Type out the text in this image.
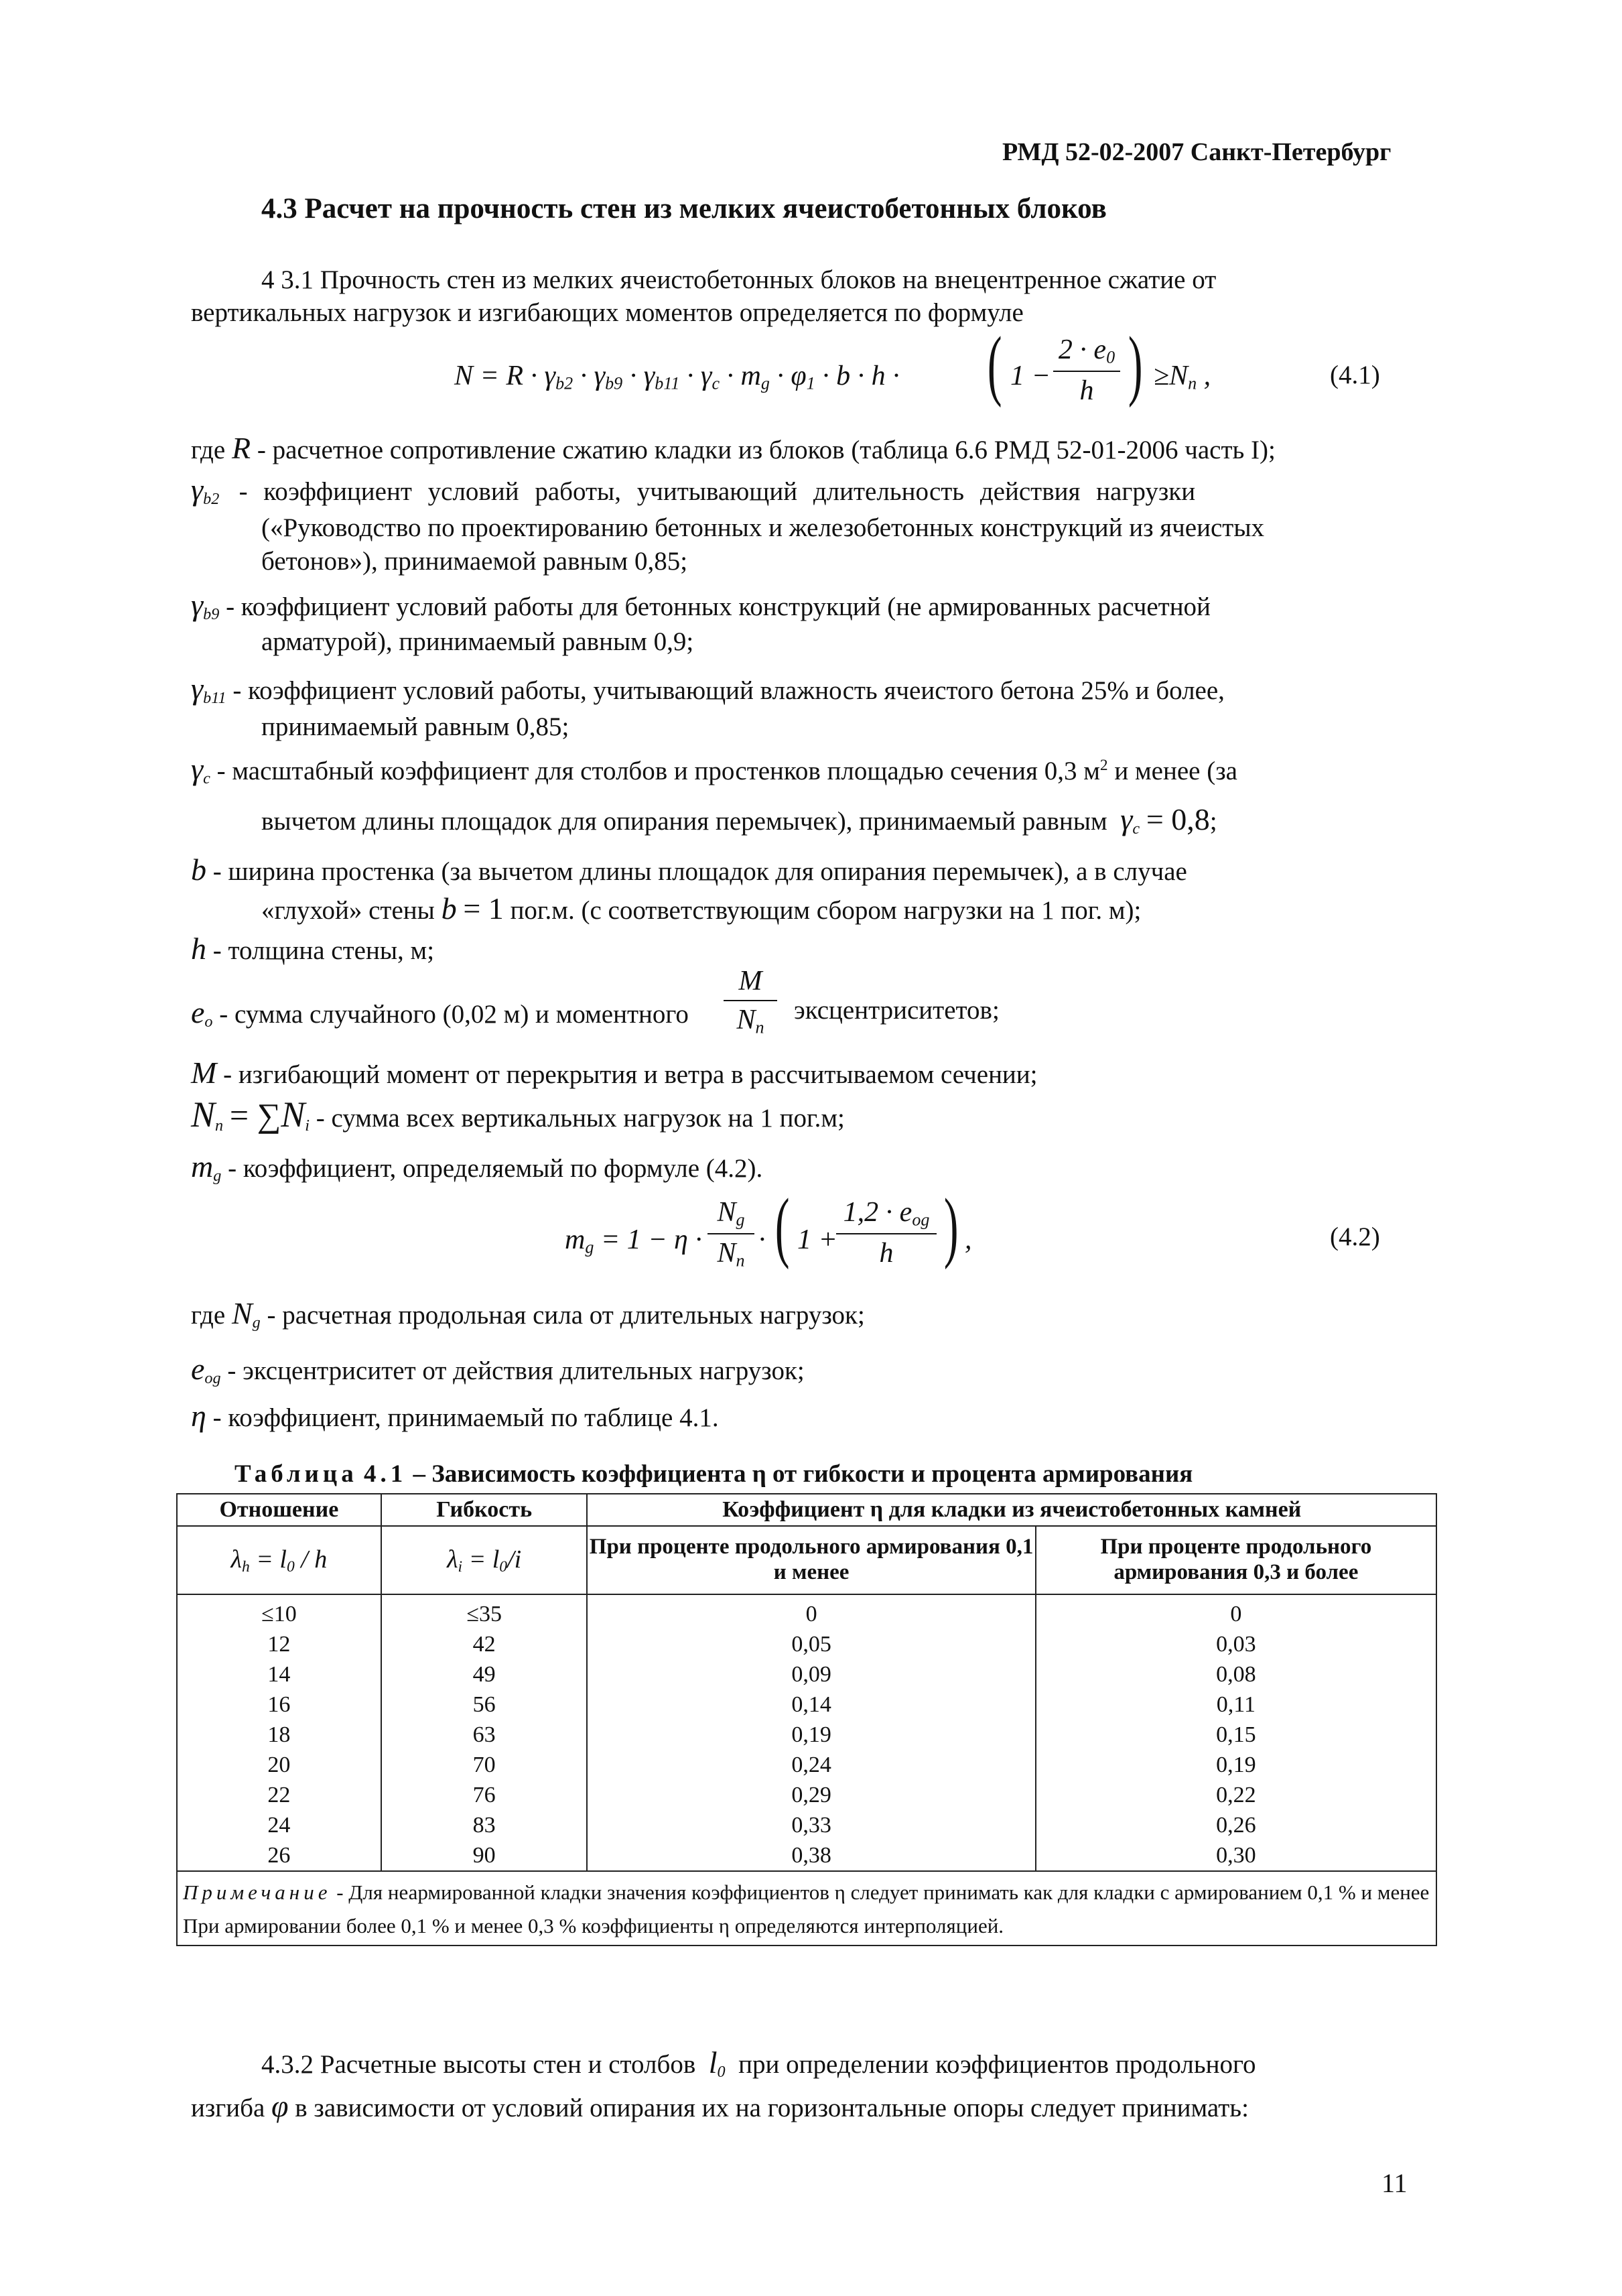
РМД 52-02-2007 Санкт-Петербург
4.3 Расчет на прочность стен из мелких ячеистобетонных блоков
4 3.1 Прочность стен из мелких ячеистобетонных блоков на внецентренное сжатие от
вертикальных нагрузок и изгибающих моментов определяется по формуле
$N = R \cdot \gamma_{b2} \cdot \gamma_{b9} \cdot \gamma_{b11} \cdot \gamma_c \cdot m_g \cdot \varphi_1 \cdot b \cdot h$ · ( 1 −
$2 \cdot e_0$
h ) $\ge N_n$ ,	(4.1)
где R - расчетное сопротивление сжатию кладки из блоков (таблица 6.6 РМД 52-01-2006 часть I);
$\gamma_{b2}$ - коэффициент условий работы, учитывающий длительность действия нагрузки
(«Руководство по проектированию бетонных и железобетонных конструкций из ячеистых
бетонов»), принимаемой равным 0,85;
$\gamma_{b9}$ - коэффициент условий работы для бетонных конструкций (не армированных расчетной
арматурой), принимаемый равным 0,9;
$\gamma_{b11}$ - коэффициент условий работы, учитывающий влажность ячеистого бетона 25% и более,
принимаемый равным 0,85;
$\gamma_c$ - масштабный коэффициент для столбов и простенков площадью сечения 0,3 $м^2$ и менее (за
вычетом длины площадок для опирания перемычек), принимаемый равным $\gamma_c = 0,8$;
b - ширина простенка (за вычетом длины площадок для опирания перемычек), а в случае
«глухой» стены b = 1 пог.м. (с соответствующим сбором нагрузки на 1 пог. м);
h - толщина стены, м;
$e_o$ - сумма случайного (0,02 м) и моментного
M
$N_n$
эксцентриситетов;
M - изгибающий момент от перекрытия и ветра в рассчитываемом сечении;
$N_n = \sum N_i$ - сумма всех вертикальных нагрузок на 1 пог.м;
$m_g$ - коэффициент, определяемый по формуле (4.2).
$m_g = 1 - \eta$ ·
$N_g$
$N_n$
· ( 1 +
$1,2 \cdot e_{og}$
h ) ,	(4.2)
где $N_g$ - расчетная продольная сила от длительных нагрузок;
$e_{og}$ - эксцентриситет от действия длительных нагрузок;
η - коэффициент, принимаемый по таблице 4.1.
Таблица 4.1 – Зависимость коэффициента η от гибкости и процента армирования
Отношение	Гибкость	Коэффициент η для кладки из ячеистобетонных камней	
$\lambda_h = l_0 / h$	$\lambda_i = l_0/i$	При проценте продольного армирования 0,1 и менее	При проценте продольного армирования 0,3 и более
≤10	≤35	0	0
12	42	0,05	0,03
14	49	0,09	0,08
16	56	0,14	0,11
18	63	0,19	0,15
20	70	0,24	0,19
22	76	0,29	0,22
24	83	0,33	0,26
26	90	0,38	0,30
Примечание - Для неармированной кладки значения коэффициентов η следует принимать как для кладки с армированием 0,1 % и менее При армировании более 0,1 % и менее 0,3 % коэффициенты η определяются интерполяцией.			
4.3.2 Расчетные высоты стен и столбов $l_0$ при определении коэффициентов продольного
изгиба φ в зависимости от условий опирания их на горизонтальные опоры следует принимать:
11
